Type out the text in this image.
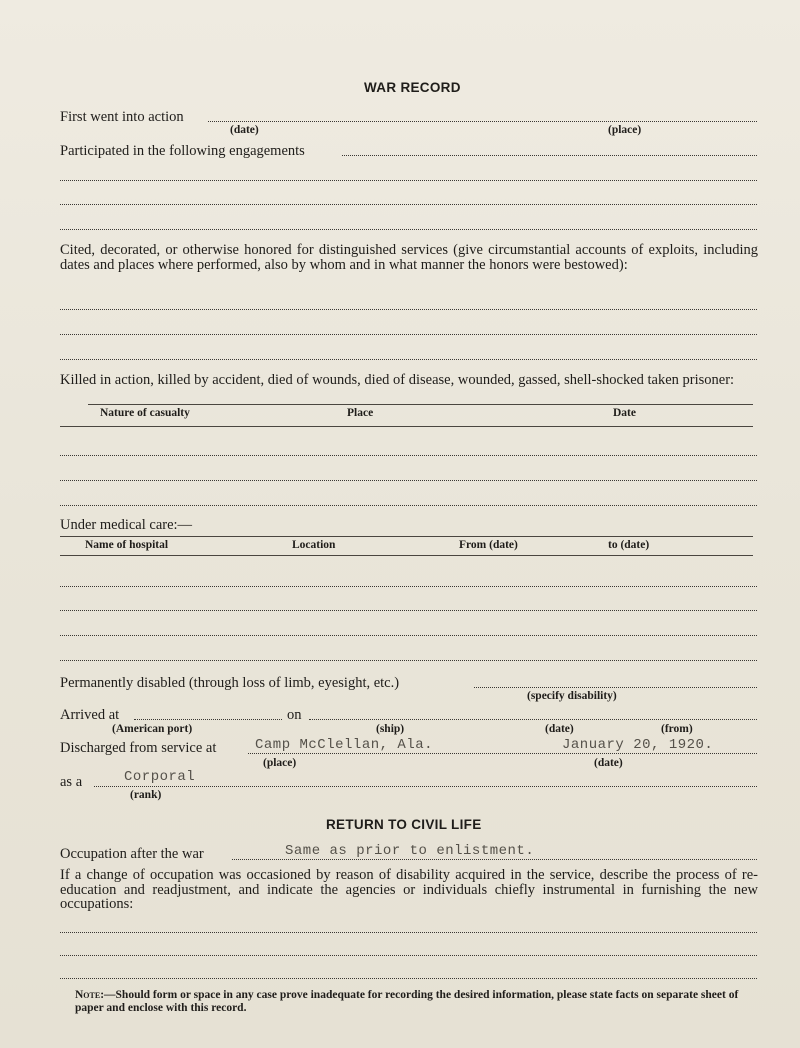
WAR RECORD
First went into action
(date)	(place)
Participated in the following engagements
Cited, decorated, or otherwise honored for distinguished services (give circumstantial accounts of exploits, including dates and places where performed, also by whom and in what manner the honors were bestowed):
Killed in action, killed by accident, died of wounds, died of disease, wounded, gassed, shell-shocked taken prisoner:
Nature of casualty	Place	Date
Under medical care:—
Name of hospital	Location	From (date)	to (date)
Permanently disabled (through loss of limb, eyesight, etc.)
(specify disability)
Arrived at	on
(American port)	(ship)	(date)	(from)
Discharged from service at	Camp McClellan, Ala.	January 20, 1920.
(place)	(date)
as a	Corporal
(rank)
RETURN TO CIVIL LIFE
Occupation after the war	Same as prior to enlistment.
If a change of occupation was occasioned by reason of disability acquired in the service, describe the process of re-education and readjustment, and indicate the agencies or individuals chiefly instrumental in furnishing the new occupations:
Note:—Should form or space in any case prove inadequate for recording the desired information, please state facts on separate sheet of paper and enclose with this record.
